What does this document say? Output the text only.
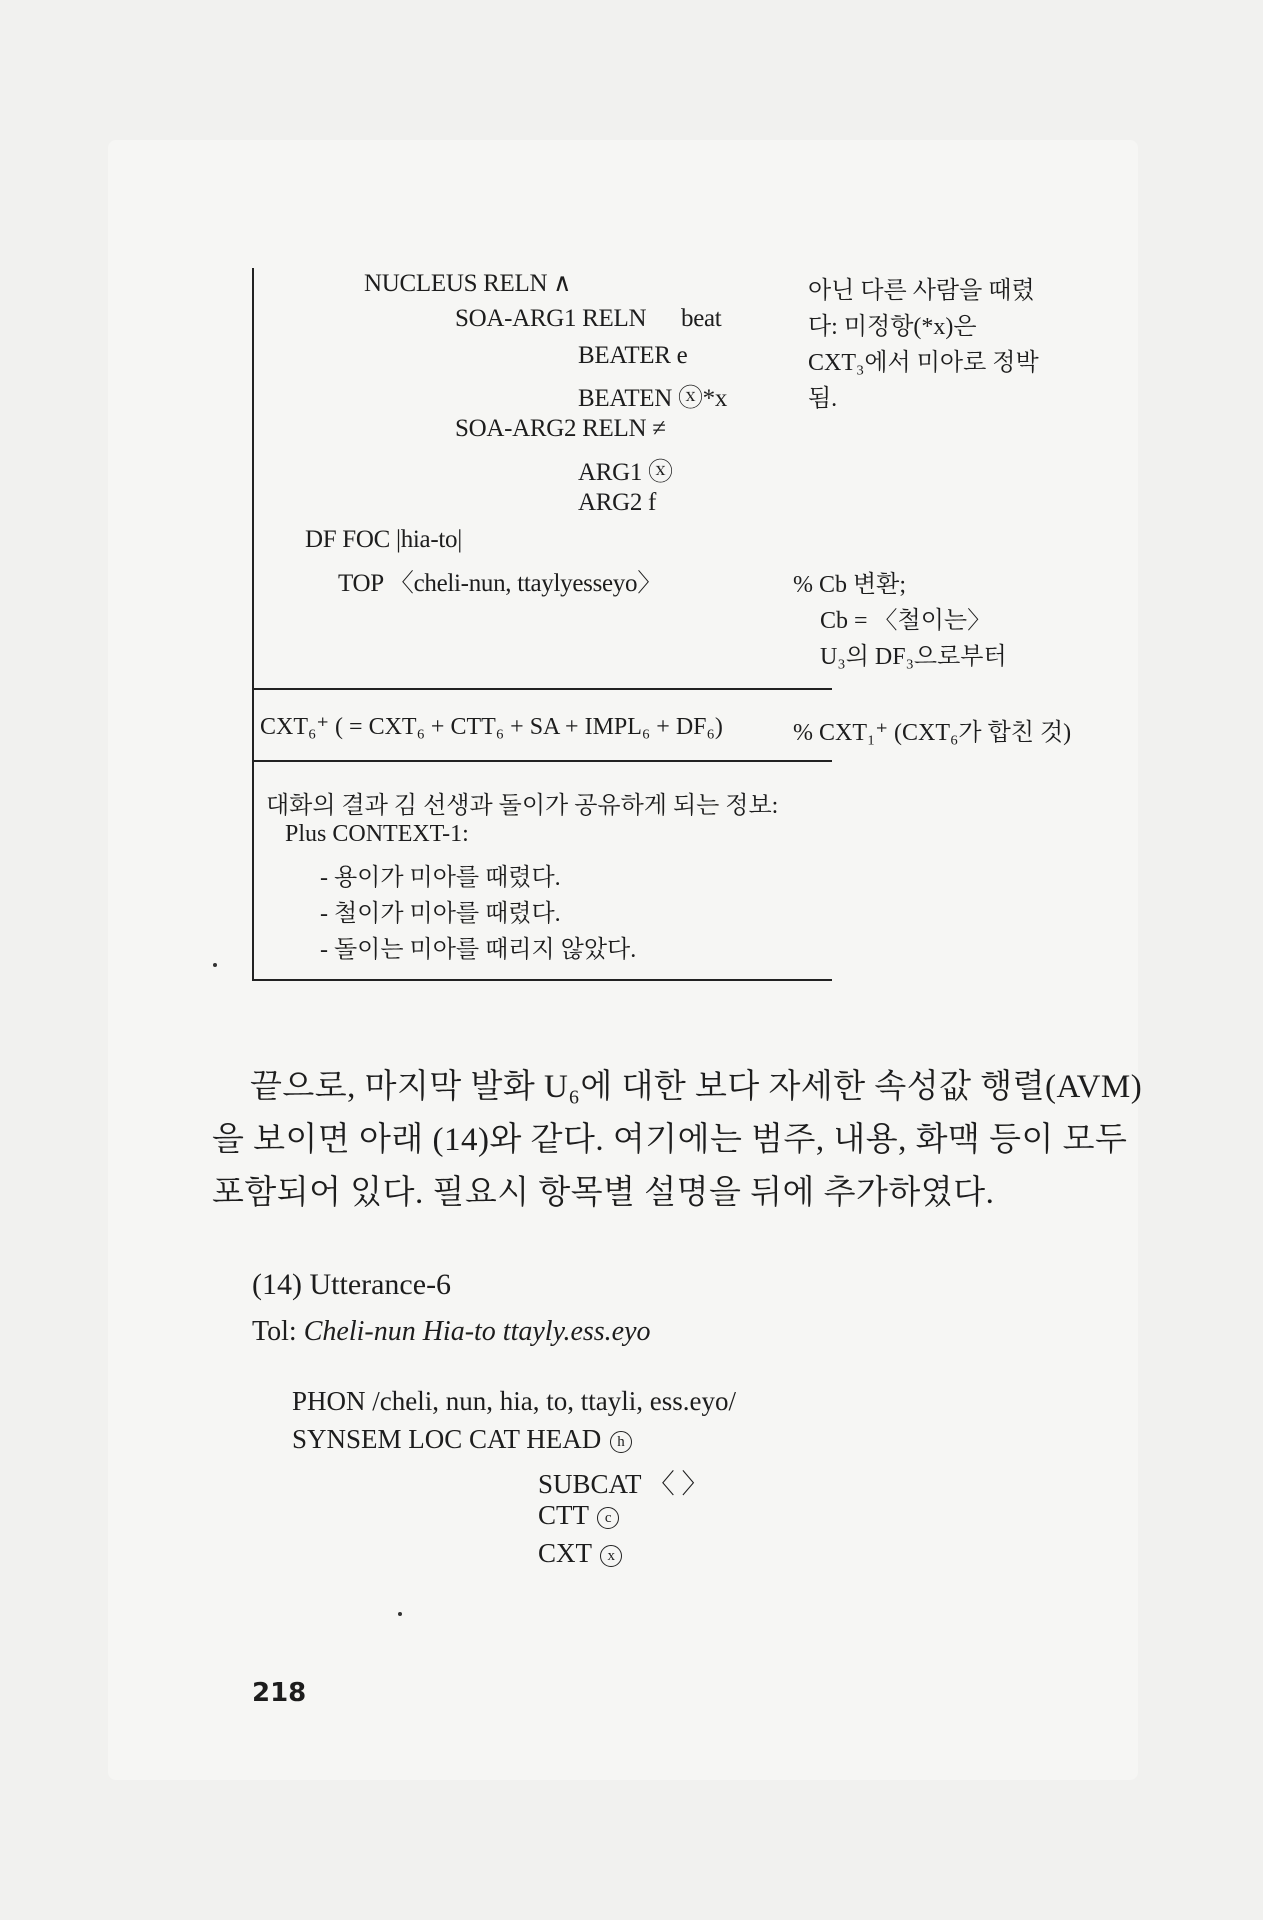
NUCLEUS RELN ∧
SOA-ARG1 RELN beat
BEATER e
BEATEN ⓧ*x
SOA-ARG2 RELN ≠
ARG1 ⓧ
ARG2 f
DF FOC |hia-to|
TOP 〈cheli-nun, ttaylyesseyo〉
아닌 다른 사람을 때렸
다: 미정항(*x)은
CXT₃에서 미아로 정박
됨.
% Cb 변환;
Cb = 〈철이는〉
U₃의 DF₃으로부터
CXT₆⁺ ( = CXT₆ + CTT₆ + SA + IMPL₆ + DF₆)	% CXT₁⁺ (CXT₆가 합친 것)
대화의 결과 김 선생과 돌이가 공유하게 되는 정보:
Plus CONTEXT-1:
- 용이가 미아를 때렸다.
- 철이가 미아를 때렸다.
- 돌이는 미아를 때리지 않았다.
끝으로, 마지막 발화 U₆에 대한 보다 자세한 속성값 행렬(AVM)
을 보이면 아래 (14)와 같다. 여기에는 범주, 내용, 화맥 등이 모두
포함되어 있다. 필요시 항목별 설명을 뒤에 추가하였다.
(14) Utterance-6
Tol: Cheli-nun Hia-to ttayly.ess.eyo
PHON /cheli, nun, hia, to, ttayli, ess.eyo/
SYNSEM LOC CAT HEAD h
SUBCAT 〈 〉
CTT c
CXT x
218
